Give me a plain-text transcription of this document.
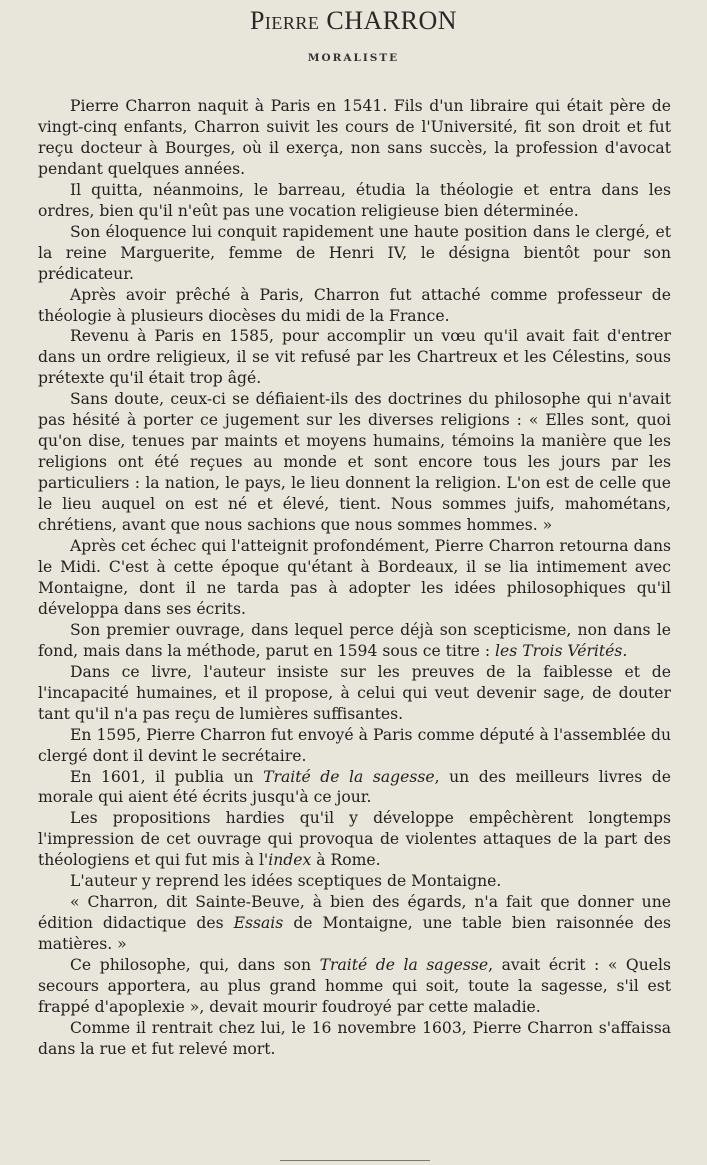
Pierre CHARRON
MORALISTE

Pierre Charron naquit à Paris en 1541. Fils d'un libraire qui était père de vingt-cinq enfants, Charron suivit les cours de l'Université, fit son droit et fut reçu docteur à Bourges, où il exerça, non sans succès, la profession d'avocat pendant quelques années.

Il quitta, néanmoins, le barreau, étudia la théologie et entra dans les ordres, bien qu'il n'eût pas une vocation religieuse bien déterminée.

Son éloquence lui conquit rapidement une haute position dans le clergé, et la reine Marguerite, femme de Henri IV, le désigna bientôt pour son prédicateur.

Après avoir prêché à Paris, Charron fut attaché comme professeur de théologie à plusieurs diocèses du midi de la France.

Revenu à Paris en 1585, pour accomplir un vœu qu'il avait fait d'entrer dans un ordre religieux, il se vit refusé par les Chartreux et les Célestins, sous prétexte qu'il était trop âgé.

Sans doute, ceux-ci se défiaient-ils des doctrines du philosophe qui n'avait pas hésité à porter ce jugement sur les diverses religions : « Elles sont, quoi qu'on dise, tenues par maints et moyens humains, témoins la manière que les religions ont été reçues au monde et sont encore tous les jours par les particuliers : la nation, le pays, le lieu donnent la religion. L'on est de celle que le lieu auquel on est né et élevé, tient. Nous sommes juifs, mahométans, chrétiens, avant que nous sachions que nous sommes hommes. »

Après cet échec qui l'atteignit profondément, Pierre Charron retourna dans le Midi. C'est à cette époque qu'étant à Bordeaux, il se lia intimement avec Montaigne, dont il ne tarda pas à adopter les idées philosophiques qu'il développa dans ses écrits.

Son premier ouvrage, dans lequel perce déjà son scepticisme, non dans le fond, mais dans la méthode, parut en 1594 sous ce titre : les Trois Vérités.

Dans ce livre, l'auteur insiste sur les preuves de la faiblesse et de l'incapacité humaines, et il propose, à celui qui veut devenir sage, de douter tant qu'il n'a pas reçu de lumières suffisantes.

En 1595, Pierre Charron fut envoyé à Paris comme député à l'assemblée du clergé dont il devint le secrétaire.

En 1601, il publia un Traité de la sagesse, un des meilleurs livres de morale qui aient été écrits jusqu'à ce jour.

Les propositions hardies qu'il y développe empêchèrent longtemps l'impression de cet ouvrage qui provoqua de violentes attaques de la part des théologiens et qui fut mis à l'index à Rome.

L'auteur y reprend les idées sceptiques de Montaigne.

« Charron, dit Sainte-Beuve, à bien des égards, n'a fait que donner une édition didactique des Essais de Montaigne, une table bien raisonnée des matières. »

Ce philosophe, qui, dans son Traité de la sagesse, avait écrit : « Quels secours apportera, au plus grand homme qui soit, toute la sagesse, s'il est frappé d'apoplexie », devait mourir foudroyé par cette maladie.

Comme il rentrait chez lui, le 16 novembre 1603, Pierre Charron s'affaissa dans la rue et fut relevé mort.
